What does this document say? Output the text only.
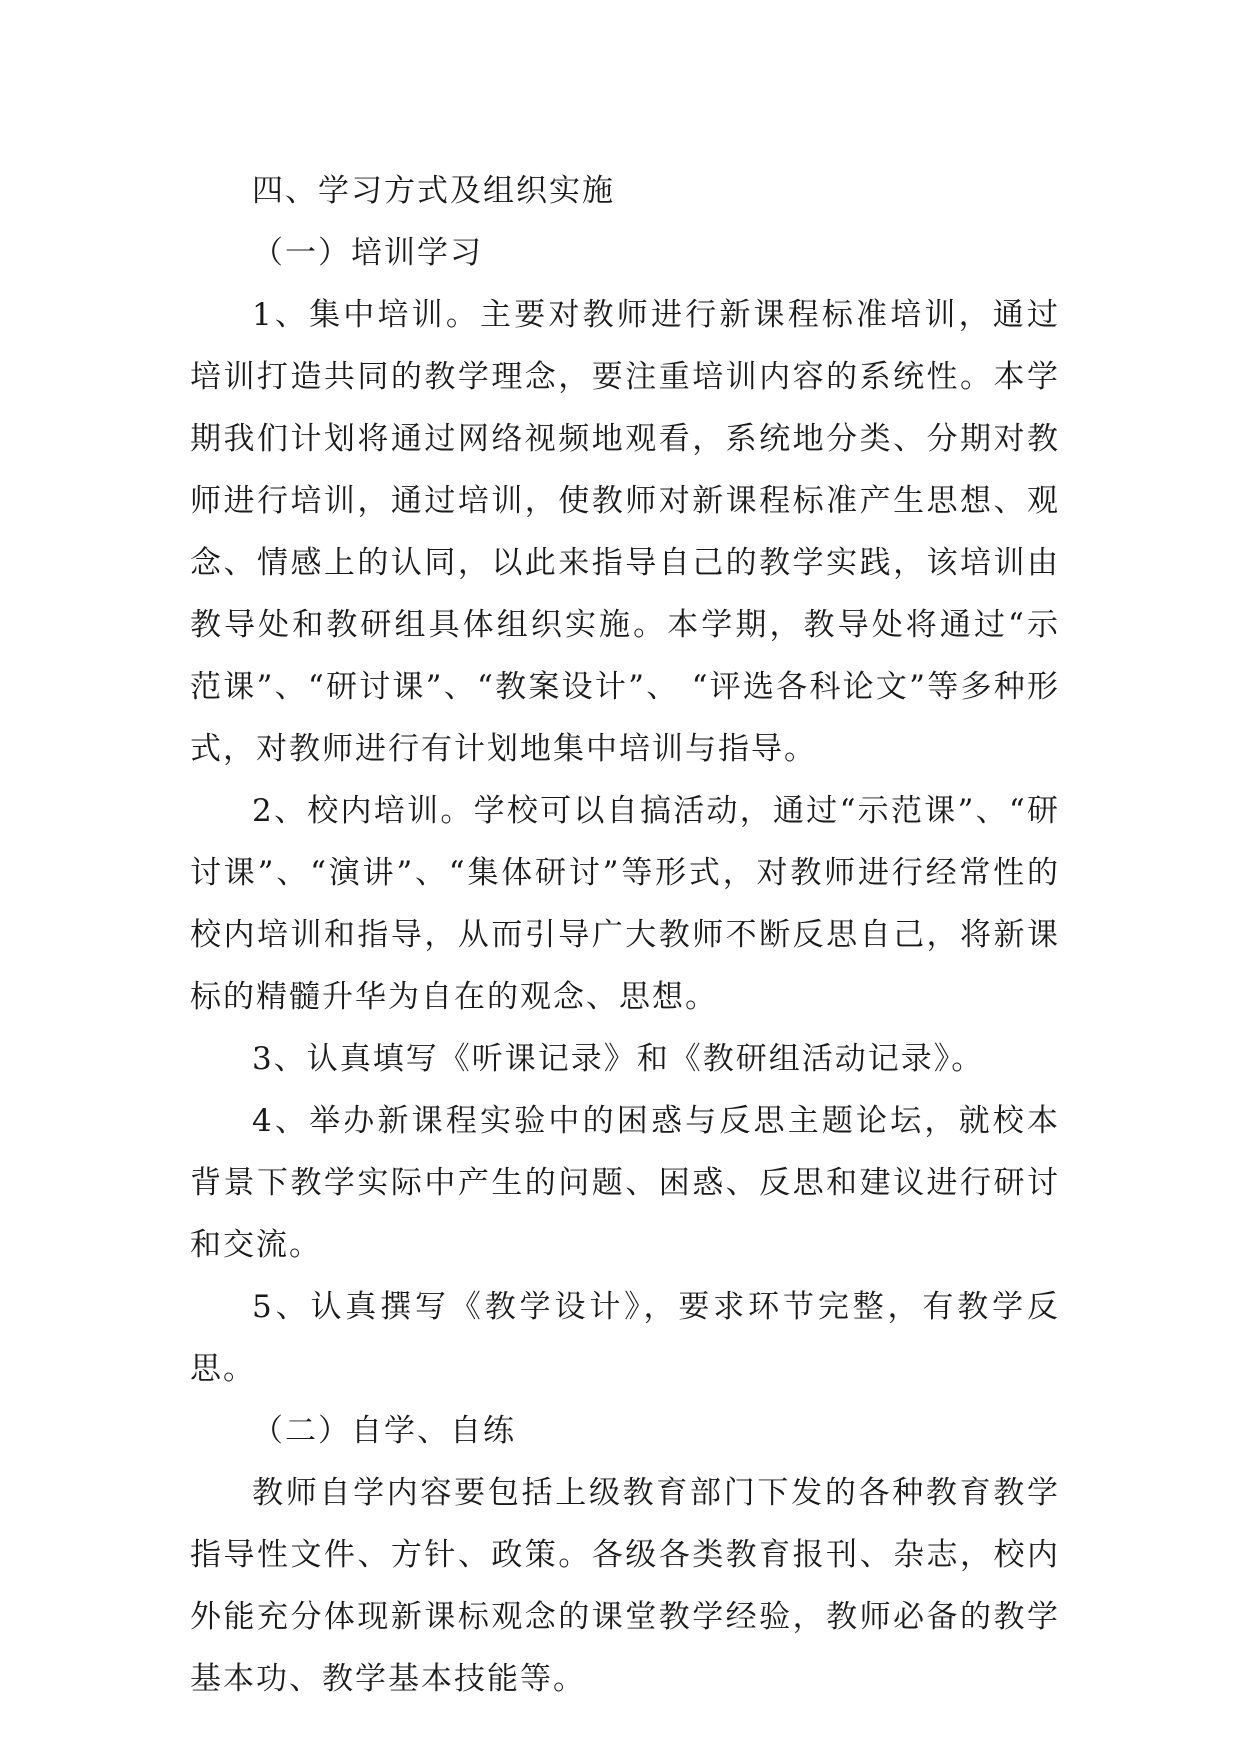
四、学习方式及组织实施

（一）培训学习

1、集中培训。主要对教师进行新课程标准培训，通过培训打造共同的教学理念，要注重培训内容的系统性。本学期我们计划将通过网络视频地观看，系统地分类、分期对教师进行培训，通过培训，使教师对新课程标准产生思想、观念、情感上的认同，以此来指导自己的教学实践，该培训由教导处和教研组具体组织实施。本学期，教导处将通过“示范课”、“研讨课”、“教案设计”、 “评选各科论文”等多种形式，对教师进行有计划地集中培训与指导。

2、校内培训。学校可以自搞活动，通过“示范课”、“研讨课”、“演讲”、“集体研讨”等形式，对教师进行经常性的校内培训和指导，从而引导广大教师不断反思自己，将新课标的精髓升华为自在的观念、思想。

3、认真填写《听课记录》和《教研组活动记录》。

4、举办新课程实验中的困惑与反思主题论坛，就校本背景下教学实际中产生的问题、困惑、反思和建议进行研讨和交流。

5、认真撰写《教学设计》，要求环节完整，有教学反思。

（二）自学、自练

教师自学内容要包括上级教育部门下发的各种教育教学指导性文件、方针、政策。各级各类教育报刊、杂志，校内外能充分体现新课标观念的课堂教学经验，教师必备的教学基本功、教学基本技能等。
